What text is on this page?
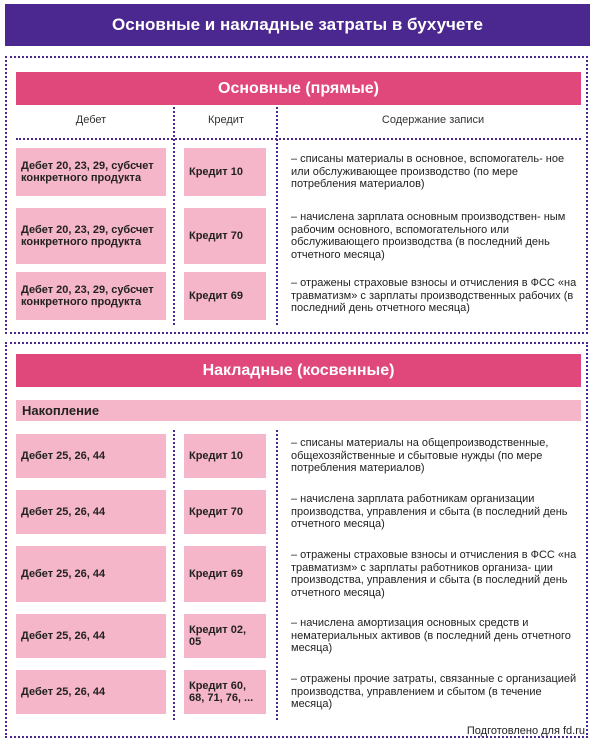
Основные и накладные затраты в бухучете
Основные (прямые)
Дебет	Кредит	Содержание записи
Дебет 20, 23, 29, субсчет конкретного продукта
Кредит 10
– списаны материалы в основное, вспомогатель- ное или обслуживающее производство (по мере потребления материалов)
Дебет 20, 23, 29, субсчет конкретного продукта
Кредит 70
– начислена зарплата основным производствен- ным рабочим основного, вспомогательного или обслуживающего производства (в последний день отчетного месяца)
Дебет 20, 23, 29, субсчет конкретного продукта
Кредит 69
– отражены страховые взносы и отчисления в ФСС «на травматизм» с зарплаты производственных рабочих (в последний день отчетного месяца)
Накладные (косвенные)
Накопление
Дебет 25, 26, 44	Кредит 10
– списаны материалы на общепроизводственные, общехозяйственные и сбытовые нужды (по мере потребления материалов)
Дебет 25, 26, 44	Кредит 70
– начислена зарплата работникам организации производства, управления и сбыта (в последний день отчетного месяца)
Дебет 25, 26, 44	Кредит 69
– отражены страховые взносы и отчисления в ФСС «на травматизм» с зарплаты работников организа- ции производства, управления и сбыта (в последний день отчетного месяца)
Дебет 25, 26, 44
Кредит 02, 05
– начислена амортизация основных средств и нематериальных активов (в последний день отчетного месяца)
Дебет 25, 26, 44
Кредит 60, 68, 71, 76, ...
– отражены прочие затраты, связанные с организацией производства, управлением и сбытом (в течение месяца)
Подготовлено для fd.ru
